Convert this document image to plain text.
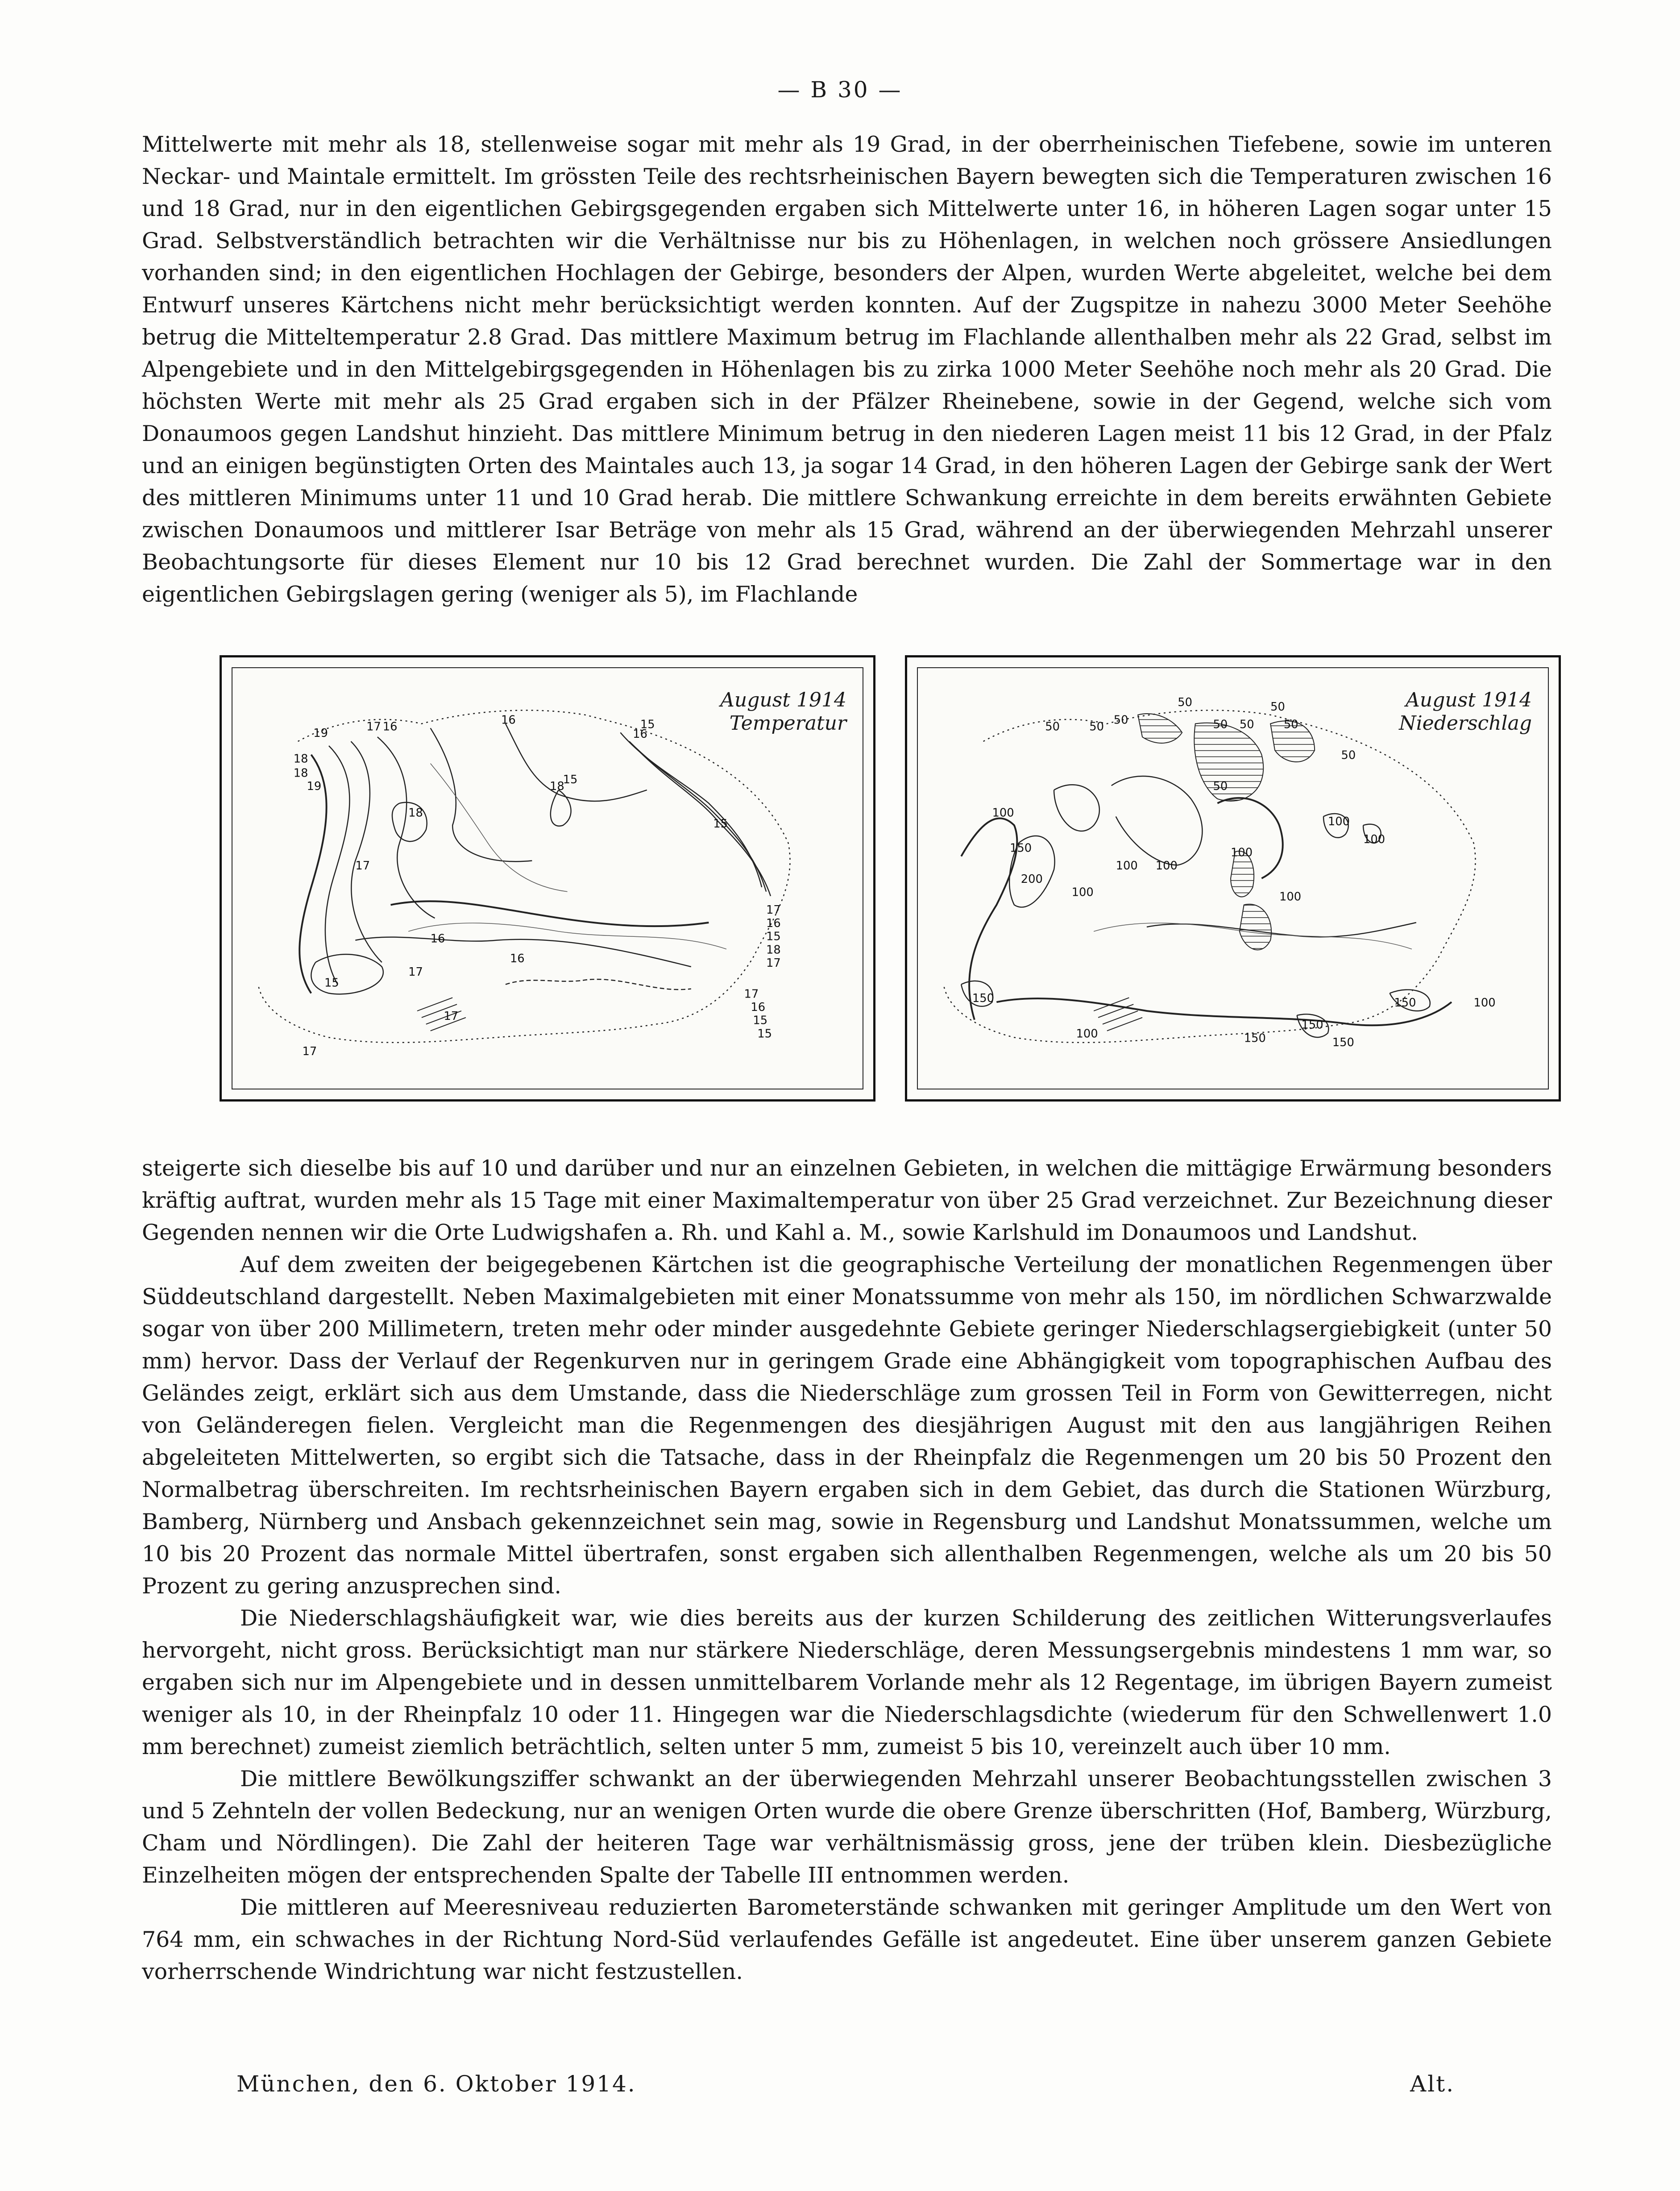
— B 30 —

Mittelwerte mit mehr als 18, stellenweise sogar mit mehr als 19 Grad, in der oberrheinischen Tiefebene, sowie im unteren Neckar- und Maintale ermittelt. Im grössten Teile des rechtsrheinischen Bayern bewegten sich die Temperaturen zwischen 16 und 18 Grad, nur in den eigentlichen Gebirgsgegenden ergaben sich Mittelwerte unter 16, in höheren Lagen sogar unter 15 Grad. Selbstverständlich betrachten wir die Verhältnisse nur bis zu Höhenlagen, in welchen noch grössere Ansiedlungen vorhanden sind; in den eigentlichen Hochlagen der Gebirge, besonders der Alpen, wurden Werte abgeleitet, welche bei dem Entwurf unseres Kärtchens nicht mehr berücksichtigt werden konnten. Auf der Zugspitze in nahezu 3000 Meter Seehöhe betrug die Mitteltemperatur 2.8 Grad. Das mittlere Maximum betrug im Flachlande allenthalben mehr als 22 Grad, selbst im Alpengebiete und in den Mittelgebirgsgegenden in Höhenlagen bis zu zirka 1000 Meter Seehöhe noch mehr als 20 Grad. Die höchsten Werte mit mehr als 25 Grad ergaben sich in der Pfälzer Rheinebene, sowie in der Gegend, welche sich vom Donaumoos gegen Landshut hinzieht. Das mittlere Minimum betrug in den niederen Lagen meist 11 bis 12 Grad, in der Pfalz und an einigen begünstigten Orten des Maintales auch 13, ja sogar 14 Grad, in den höheren Lagen der Gebirge sank der Wert des mittleren Minimums unter 11 und 10 Grad herab. Die mittlere Schwankung erreichte in dem bereits erwähnten Gebiete zwischen Donaumoos und mittlerer Isar Beträge von mehr als 15 Grad, während an der überwiegenden Mehrzahl unserer Beobachtungsorte für dieses Element nur 10 bis 12 Grad berechnet wurden. Die Zahl der Sommertage war in den eigentlichen Gebirgslagen gering (weniger als 5), im Flachlande

19
18
17 16	15
18
19	18
16
15
16
17
16
15
17
16
17
18
17
17
16
15
15
15
18
17
17
16
15
August 1914
Temperatur	50	50 50
50
50 50
50
50
100
150
200
100
100 100
100
100
100
150
100
150
150
150
100
100	150
50
50
August 1914
Niederschlag

steigerte sich dieselbe bis auf 10 und darüber und nur an einzelnen Gebieten, in welchen die mittägige Erwärmung besonders kräftig auftrat, wurden mehr als 15 Tage mit einer Maximaltemperatur von über 25 Grad verzeichnet. Zur Bezeichnung dieser Gegenden nennen wir die Orte Ludwigshafen a. Rh. und Kahl a. M., sowie Karlshuld im Donaumoos und Landshut.

Auf dem zweiten der beigegebenen Kärtchen ist die geographische Verteilung der monatlichen Regenmengen über Süddeutschland dargestellt. Neben Maximalgebieten mit einer Monatssumme von mehr als 150, im nördlichen Schwarzwalde sogar von über 200 Millimetern, treten mehr oder minder ausgedehnte Gebiete geringer Niederschlagsergiebigkeit (unter 50 mm) hervor. Dass der Verlauf der Regenkurven nur in geringem Grade eine Abhängigkeit vom topographischen Aufbau des Geländes zeigt, erklärt sich aus dem Umstande, dass die Niederschläge zum grossen Teil in Form von Gewitterregen, nicht von Geländeregen fielen. Vergleicht man die Regenmengen des diesjährigen August mit den aus langjährigen Reihen abgeleiteten Mittelwerten, so ergibt sich die Tatsache, dass in der Rheinpfalz die Regenmengen um 20 bis 50 Prozent den Normalbetrag überschreiten. Im rechtsrheinischen Bayern ergaben sich in dem Gebiet, das durch die Stationen Würzburg, Bamberg, Nürnberg und Ansbach gekennzeichnet sein mag, sowie in Regensburg und Landshut Monatssummen, welche um 10 bis 20 Prozent das normale Mittel übertrafen, sonst ergaben sich allenthalben Regenmengen, welche als um 20 bis 50 Prozent zu gering anzusprechen sind.

Die Niederschlagshäufigkeit war, wie dies bereits aus der kurzen Schilderung des zeitlichen Witterungsverlaufes hervorgeht, nicht gross. Berücksichtigt man nur stärkere Niederschläge, deren Messungsergebnis mindestens 1 mm war, so ergaben sich nur im Alpengebiete und in dessen unmittelbarem Vorlande mehr als 12 Regentage, im übrigen Bayern zumeist weniger als 10, in der Rheinpfalz 10 oder 11. Hingegen war die Niederschlagsdichte (wiederum für den Schwellenwert 1.0 mm berechnet) zumeist ziemlich beträchtlich, selten unter 5 mm, zumeist 5 bis 10, vereinzelt auch über 10 mm.

Die mittlere Bewölkungsziffer schwankt an der überwiegenden Mehrzahl unserer Beobachtungsstellen zwischen 3 und 5 Zehnteln der vollen Bedeckung, nur an wenigen Orten wurde die obere Grenze überschritten (Hof, Bamberg, Würzburg, Cham und Nördlingen). Die Zahl der heiteren Tage war verhältnismässig gross, jene der trüben klein. Diesbezügliche Einzelheiten mögen der entsprechenden Spalte der Tabelle III entnommen werden.

Die mittleren auf Meeresniveau reduzierten Barometerstände schwanken mit geringer Amplitude um den Wert von 764 mm, ein schwaches in der Richtung Nord-Süd verlaufendes Gefälle ist angedeutet. Eine über unserem ganzen Gebiete vorherrschende Windrichtung war nicht festzustellen.

München, den 6. Oktober 1914.	Alt.
